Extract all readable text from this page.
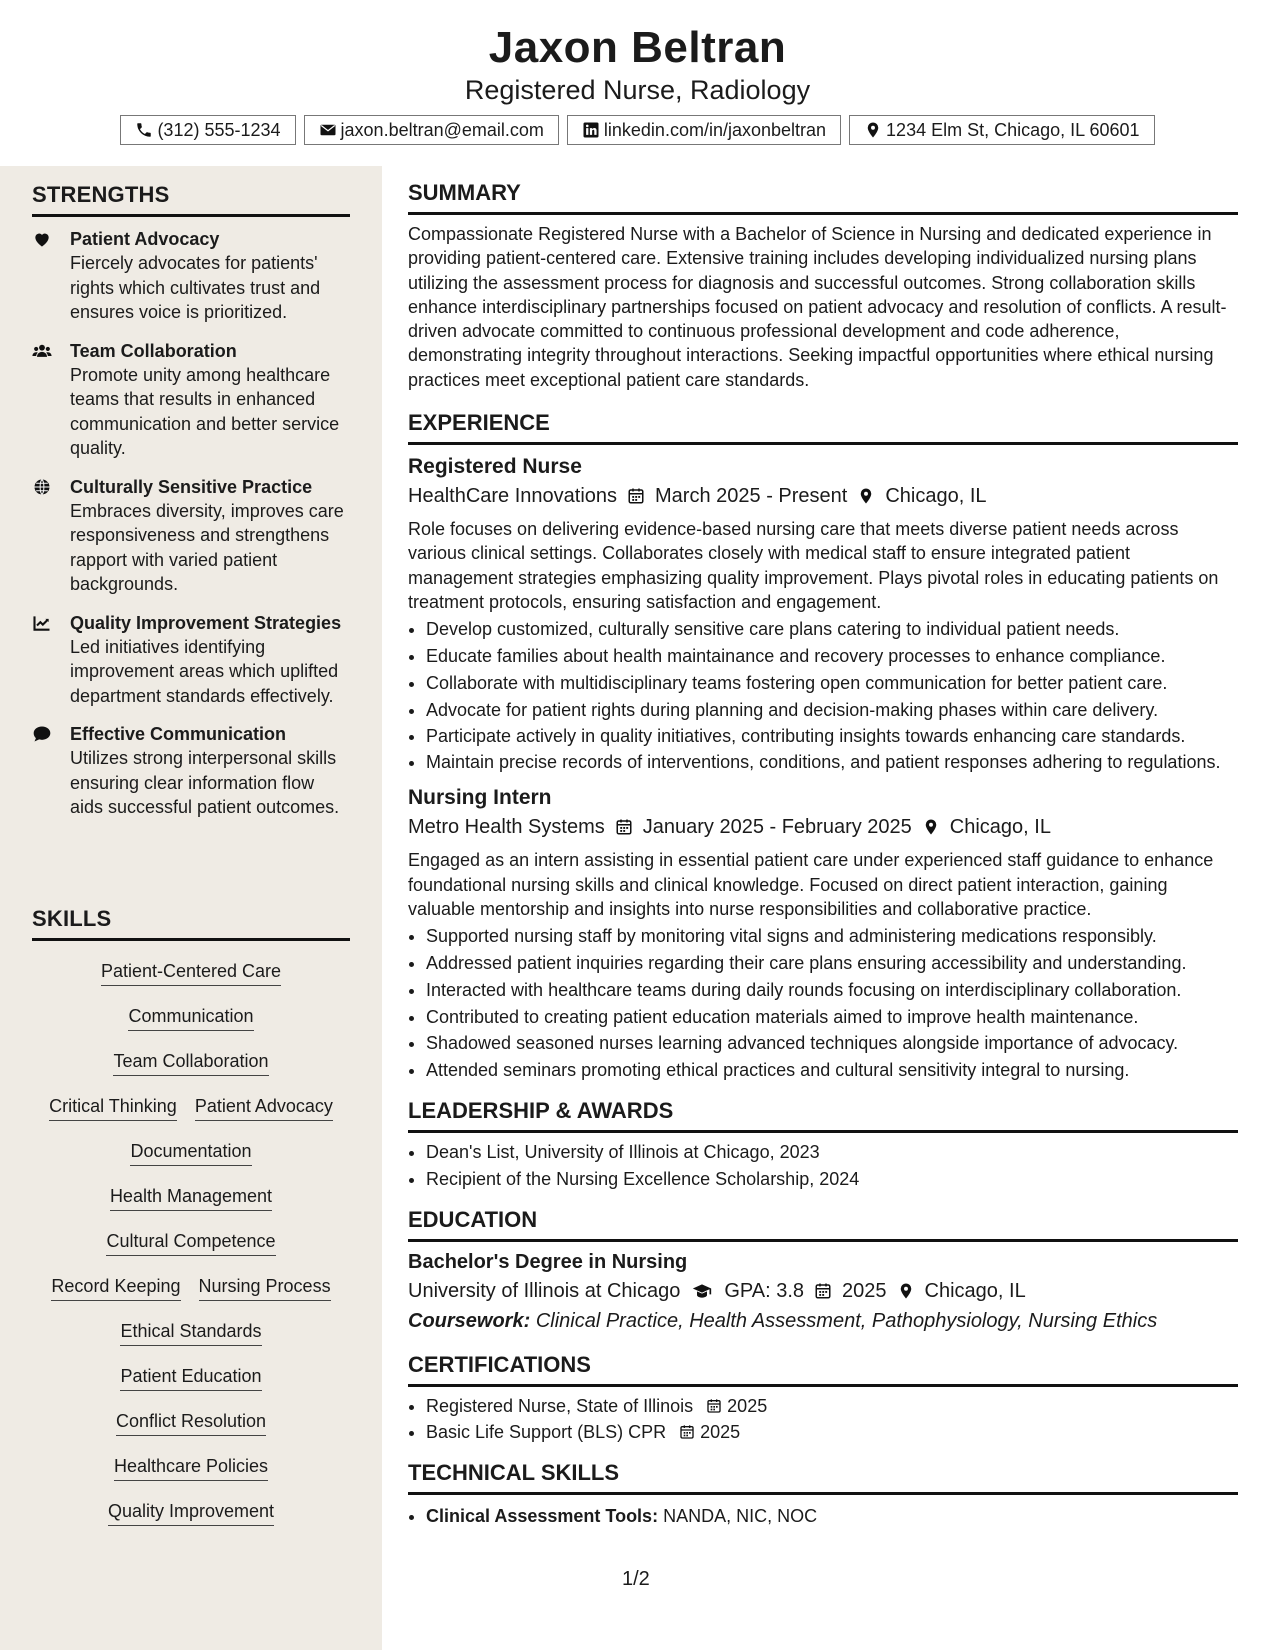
Jaxon Beltran
Registered Nurse, Radiology
(312) 555-1234	jaxon.beltran@email.com	linkedin.com/in/jaxonbeltran	1234 Elm St, Chicago, IL 60601
STRENGTHS
Patient Advocacy
Fiercely advocates for patients' rights which cultivates trust and ensures voice is prioritized.
Team Collaboration
Promote unity among healthcare teams that results in enhanced communication and better service quality.
Culturally Sensitive Practice
Embraces diversity, improves care responsiveness and strengthens rapport with varied patient backgrounds.
Quality Improvement Strategies
Led initiatives identifying improvement areas which uplifted department standards effectively.
Effective Communication
Utilizes strong interpersonal skills ensuring clear information flow aids successful patient outcomes.
SKILLS
Patient-Centered Care
Communication
Team Collaboration
Critical Thinking Patient Advocacy
Documentation
Health Management
Cultural Competence
Record Keeping Nursing Process
Ethical Standards
Patient Education
Conflict Resolution
Healthcare Policies
Quality Improvement
SUMMARY
Compassionate Registered Nurse with a Bachelor of Science in Nursing and dedicated experience in providing patient-centered care. Extensive training includes developing individualized nursing plans utilizing the assessment process for diagnosis and successful outcomes. Strong collaboration skills enhance interdisciplinary partnerships focused on patient advocacy and resolution of conflicts. A result-driven advocate committed to continuous professional development and code adherence, demonstrating integrity throughout interactions. Seeking impactful opportunities where ethical nursing practices meet exceptional patient care standards.
EXPERIENCE
Registered Nurse
HealthCare Innovations March 2025 - Present Chicago, IL
Role focuses on delivering evidence-based nursing care that meets diverse patient needs across various clinical settings. Collaborates closely with medical staff to ensure integrated patient management strategies emphasizing quality improvement. Plays pivotal roles in educating patients on treatment protocols, ensuring satisfaction and engagement.
• Develop customized, culturally sensitive care plans catering to individual patient needs.
• Educate families about health maintainance and recovery processes to enhance compliance.
• Collaborate with multidisciplinary teams fostering open communication for better patient care.
• Advocate for patient rights during planning and decision-making phases within care delivery.
• Participate actively in quality initiatives, contributing insights towards enhancing care standards.
• Maintain precise records of interventions, conditions, and patient responses adhering to regulations.
Nursing Intern
Metro Health Systems January 2025 - February 2025 Chicago, IL
Engaged as an intern assisting in essential patient care under experienced staff guidance to enhance foundational nursing skills and clinical knowledge. Focused on direct patient interaction, gaining valuable mentorship and insights into nurse responsibilities and collaborative practice.
• Supported nursing staff by monitoring vital signs and administering medications responsibly.
• Addressed patient inquiries regarding their care plans ensuring accessibility and understanding.
• Interacted with healthcare teams during daily rounds focusing on interdisciplinary collaboration.
• Contributed to creating patient education materials aimed to improve health maintenance.
• Shadowed seasoned nurses learning advanced techniques alongside importance of advocacy.
• Attended seminars promoting ethical practices and cultural sensitivity integral to nursing.
LEADERSHIP & AWARDS
• Dean's List, University of Illinois at Chicago, 2023
• Recipient of the Nursing Excellence Scholarship, 2024
EDUCATION
Bachelor's Degree in Nursing
University of Illinois at Chicago GPA: 3.8 2025 Chicago, IL
Coursework: Clinical Practice, Health Assessment, Pathophysiology, Nursing Ethics
CERTIFICATIONS
• Registered Nurse, State of Illinois 2025
• Basic Life Support (BLS) CPR 2025
TECHNICAL SKILLS
• Clinical Assessment Tools: NANDA, NIC, NOC
1/2
